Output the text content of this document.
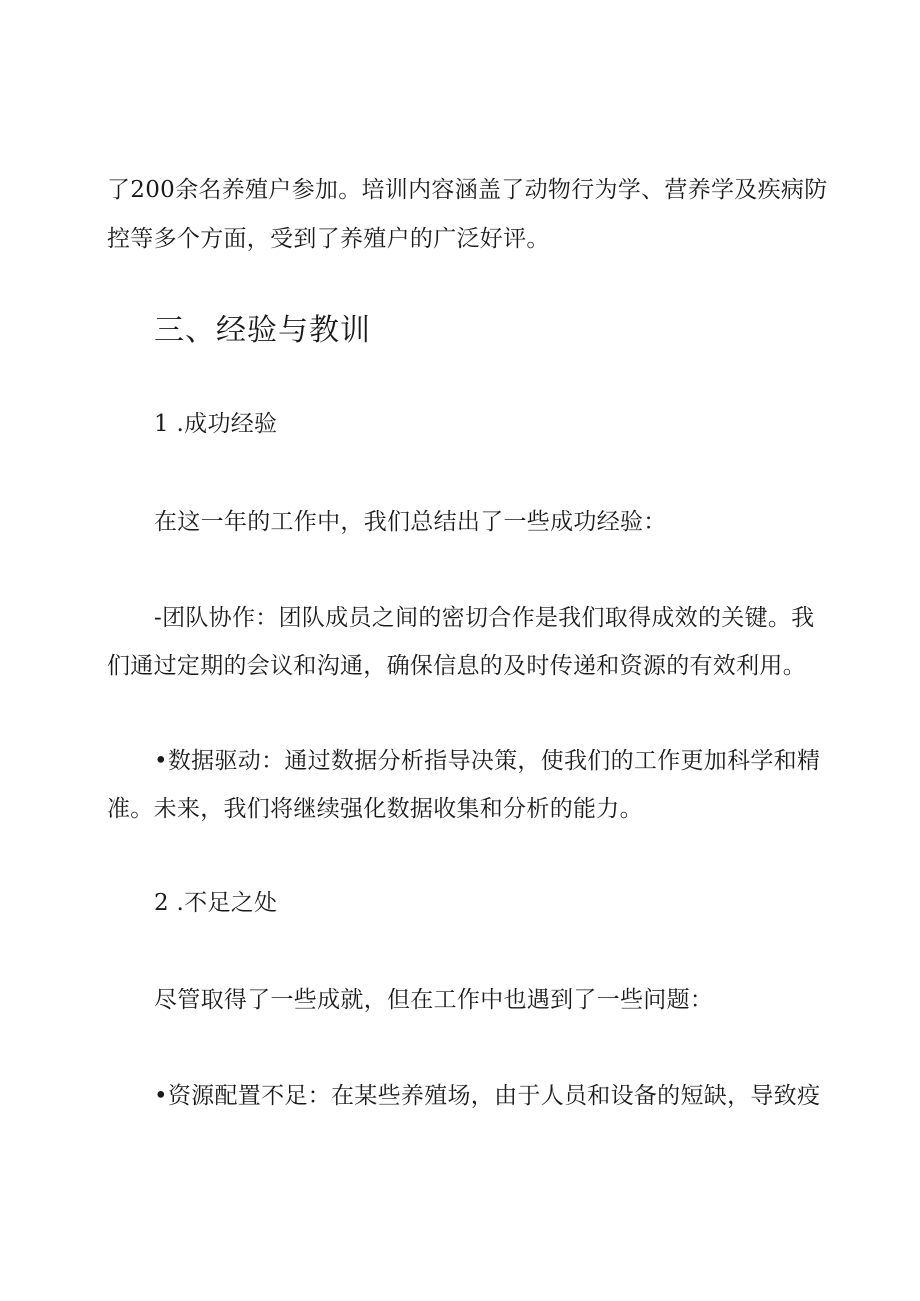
了200余名养殖户参加。培训内容涵盖了动物行为学、营养学及疾病防
控等多个方面，受到了养殖户的广泛好评。
三、经验与教训
1 .成功经验
在这一年的工作中，我们总结出了一些成功经验：
-团队协作：团队成员之间的密切合作是我们取得成效的关键。我
们通过定期的会议和沟通，确保信息的及时传递和资源的有效利用。
•数据驱动：通过数据分析指导决策，使我们的工作更加科学和精
准。未来，我们将继续强化数据收集和分析的能力。
2 .不足之处
尽管取得了一些成就，但在工作中也遇到了一些问题：
•资源配置不足：在某些养殖场，由于人员和设备的短缺，导致疫
